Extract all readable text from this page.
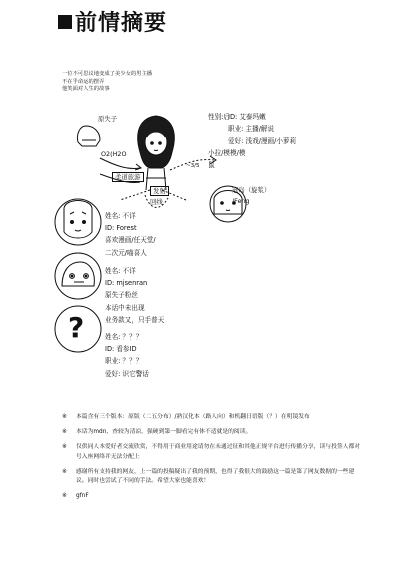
前情摘要
一位不可思议地变成了美少女的男主播
不在乎命运的摆弄
他笑面对人生的故事
原失子
O2(H2O
柔道旅游
发射
回线
~3/5
冠岛（旋浆）
/Feng
性别:后
ID: 艾泰玛嫩
职业: 主播/解说
爱好: 浅戏/漫画/小萝莉
小拉/模模/模
鼠
姓名: 不详
ID: Forest
喜欢漫画/任天堂/
二次元/喵喜人
姓名: 不详
ID: mjsenran
原失子粉丝
本话中未出现
业务款又，只手普天
姓名: ？？？
ID: 看参ID
职业: ？？？
爱好: 识它警话
?
※ 本篇含有三个版本：原版（二五分布）/熟汉化本（路人向）和机翻日语版（？）在明镜发布
※ 本话为mdn，查较为清凉，强硬到第一脚看完有体不适就是的阅读。
※ 仅供同人本爱好者交流欣赏，不得用于商业用途请勿在未通过征和其他正规平台进行传播分享，读与投签人都对号入座网络并无法分配上
※ 感谢所有支持我的网友，上一篇的投稿疑出了我的预期，也得了我很大的鼓励这一篇是第了网友数据的一些建议。同时也尝试了不同的手法。希望大家也能喜欢！
※ gfnF
